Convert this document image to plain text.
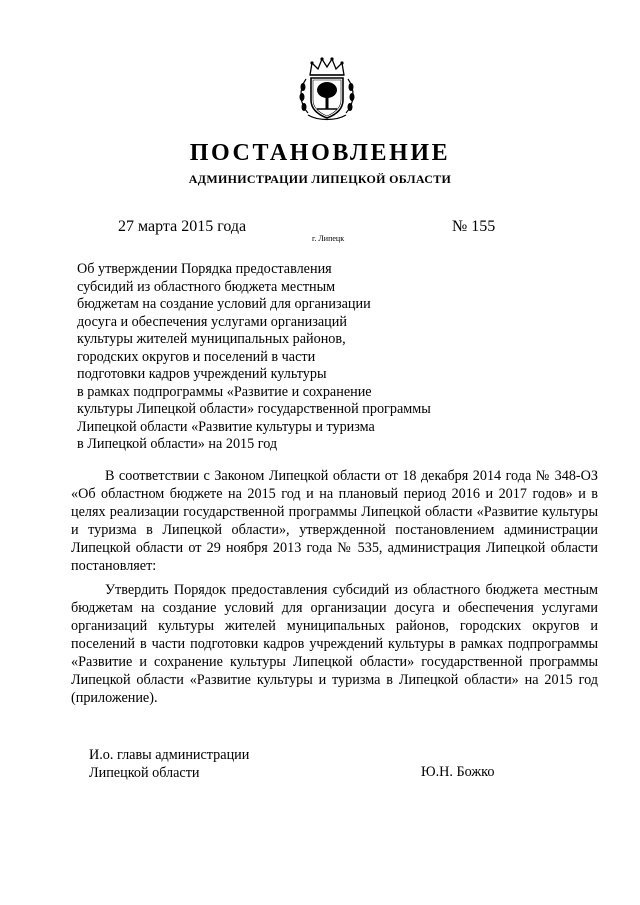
ПОСТАНОВЛЕНИЕ
АДМИНИСТРАЦИИ ЛИПЕЦКОЙ ОБЛАСТИ
27 марта 2015 года
г. Липецк
№ 155
Об утверждении Порядка предоставления
субсидий из областного бюджета местным
бюджетам на создание условий для организации
досуга и обеспечения услугами организаций
культуры жителей муниципальных районов,
городских округов и поселений в части
подготовки кадров учреждений культуры
в рамках подпрограммы «Развитие и сохранение
культуры Липецкой области» государственной программы
Липецкой области «Развитие культуры и туризма
в Липецкой области» на 2015 год

В соответствии с Законом Липецкой области от 18 декабря 2014 года № 348-ОЗ «Об областном бюджете на 2015 год и на плановый период 2016 и 2017 годов» и в целях реализации государственной программы Липецкой области «Развитие культуры и туризма в Липецкой области», утвержденной постановлением администрации Липецкой области от 29 ноября 2013 года № 535, администрация Липецкой области постановляет:

Утвердить Порядок предоставления субсидий из областного бюджета местным бюджетам на создание условий для организации досуга и обеспечения услугами организаций культуры жителей муниципальных районов, городских округов и поселений в части подготовки кадров учреждений культуры в рамках подпрограммы «Развитие и сохранение культуры Липецкой области» государственной программы Липецкой области «Развитие культуры и туризма в Липецкой области» на 2015 год (приложение).

И.о. главы администрации
Липецкой области	Ю.Н. Божко
